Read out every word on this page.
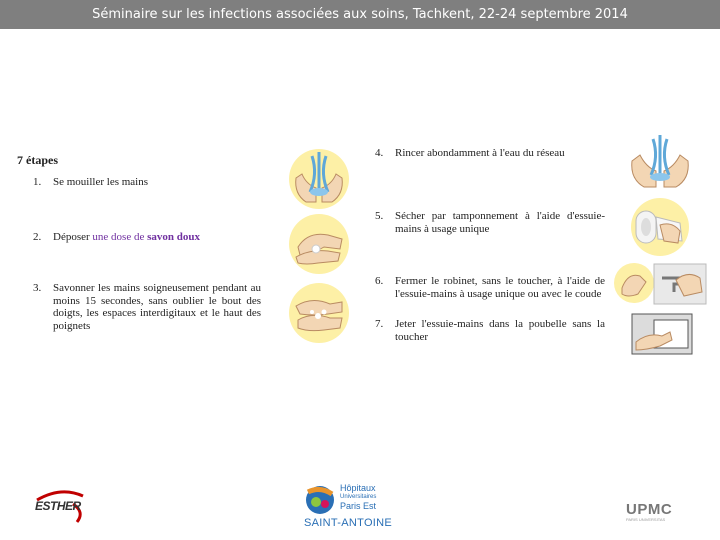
Séminaire sur les infections associées aux soins, Tachkent, 22-24 septembre 2014
7 étapes
1.	Se mouiller les mains
2.	Déposer une dose de savon doux
3.	Savonner les mains soigneusement pendant au moins 15 secondes, sans oublier le bout des doigts, les espaces interdigitaux et le haut des poignets
4.	Rincer abondamment à l'eau du réseau
5.	Sécher par tamponnement à l'aide d'essuie-mains à usage unique
6.	Fermer le robinet, sans le toucher, à l'aide de l'essuie-mains à usage unique ou avec le coude
7.	Jeter l'essuie-mains dans la poubelle sans la toucher
ESTHER
Hôpitaux
Universitaires
Paris Est
SAINT-ANTOINE
UPMC
PARIS UNIVERSITAS
